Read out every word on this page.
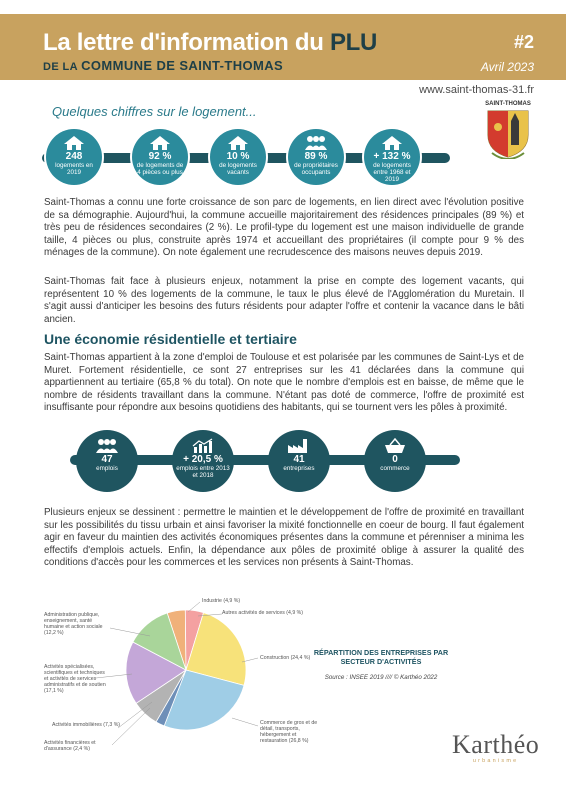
La lettre d'information du PLU
DE LA COMMUNE DE SAINT-THOMAS
#2
Avril 2023
www.saint-thomas-31.fr
SAINT-THOMAS
Quelques chiffres sur le logement...
248
logements en 2019
92 %
de logements de 4 pièces ou plus
10 %
de logements vacants
89 %
de propriétaires occupants
+ 132 %
de logements entre 1968 et 2019

Saint-Thomas a connu une forte croissance de son parc de logements, en lien direct avec l'évolution positive de sa démographie. Aujourd'hui, la commune accueille majoritairement des résidences principales (89 %) et très peu de résidences secondaires (2 %). Le profil-type du logement est une maison individuelle de grande taille, 4 pièces ou plus, construite après 1974 et accueillant des propriétaires (il compte pour 9 % des ménages de la commune). On note également une recrudescence des maisons neuves depuis 2019.

Saint-Thomas fait face à plusieurs enjeux, notamment la prise en compte des logement vacants, qui représentent 10 % des logements de la commune, le taux le plus élevé de l'Agglomération du Muretain. Il s'agit aussi d'anticiper les besoins des futurs résidents pour adapter l'offre et contenir la vacance dans le bâti ancien.

Une économie résidentielle et tertiaire

Saint-Thomas appartient à la zone d'emploi de Toulouse et est polarisée par les communes de Saint-Lys et de Muret. Fortement résidentielle, ce sont 27 entreprises sur les 41 déclarées dans la commune qui appartiennent au tertiaire (65,8 % du total). On note que le nombre d'emplois est en baisse, de même que le nombre de résidents travaillant dans la commune. N'étant pas doté de commerce, l'offre de proximité est insuffisante pour répondre aux besoins quotidiens des habitants, qui se tournent vers les pôles à proximité.

47
emplois
+ 20,5 %
emplois entre 2013 et 2018
41
entreprises
0
commerce

Plusieurs enjeux se dessinent : permettre le maintien et le développement de l'offre de proximité en travaillant sur les possibilités du tissu urbain et ainsi favoriser la mixité fonctionnelle en coeur de bourg. Il faut également agir en faveur du maintien des activités économiques présentes dans la commune et pérenniser a minima les effectifs d'emplois actuels. Enfin, la dépendance aux pôles de proximité oblige à assurer la qualité des conditions d'accès pour les commerces et les services non présents à Saint-Thomas.

Industrie (4,9 %)
Autres activités de services (4,9 %)
Construction (24,4 %)
Commerce de gros et de détail, transports, hébergement et restauration (26,8 %)
Activités financières et d'assurance (2,4 %)
Activités immobilières (7,3 %)
Activités spécialisées, scientifiques et techniques et activités de services administratifs et de soutien (17,1 %)
Administration publique, enseignement, santé humaine et action sociale (12,2 %)
RÉPARTITION DES ENTREPRISES PAR SECTEUR D'ACTIVITÉS
Source : INSEE 2019 //// © Karthéo 2022
Karthéo
urbanisme
